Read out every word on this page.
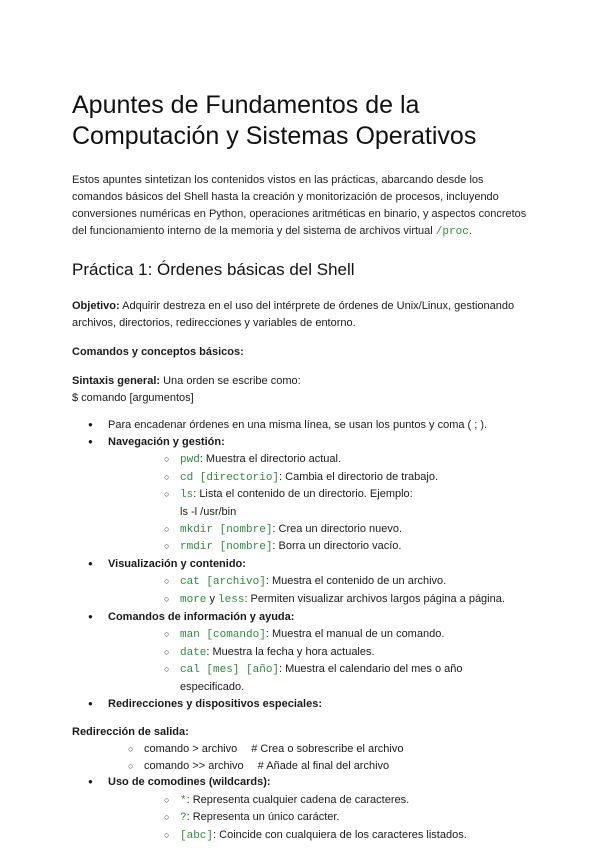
Apuntes de Fundamentos de la Computación y Sistemas Operativos

Estos apuntes sintetizan los contenidos vistos en las prácticas, abarcando desde los comandos básicos del Shell hasta la creación y monitorización de procesos, incluyendo conversiones numéricas en Python, operaciones aritméticas en binario, y aspectos concretos del funcionamiento interno de la memoria y del sistema de archivos virtual /proc.

Práctica 1: Órdenes básicas del Shell

Objetivo: Adquirir destreza en el uso del intérprete de órdenes de Unix/Linux, gestionando archivos, directorios, redirecciones y variables de entorno.

Comandos y conceptos básicos:

Sintaxis general: Una orden se escribe como:
$ comando [argumentos]

● Para encadenar órdenes en una misma línea, se usan los puntos y coma ( ; ).
● Navegación y gestión:
○ pwd: Muestra el directorio actual.
○ cd [directorio]: Cambia el directorio de trabajo.
○ ls: Lista el contenido de un directorio. Ejemplo:
ls -l /usr/bin
○ mkdir [nombre]: Crea un directorio nuevo.
○ rmdir [nombre]: Borra un directorio vacío.
● Visualización y contenido:
○ cat [archivo]: Muestra el contenido de un archivo.
○ more y less: Permiten visualizar archivos largos página a página.
● Comandos de información y ayuda:
○ man [comando]: Muestra el manual de un comando.
○ date: Muestra la fecha y hora actuales.
○ cal [mes] [año]: Muestra el calendario del mes o año especificado.
● Redirecciones y dispositivos especiales:

Redirección de salida:

○ comando > archivo # Crea o sobrescribe el archivo
○ comando >> archivo # Añade al final del archivo
● Uso de comodines (wildcards):
○ *: Representa cualquier cadena de caracteres.
○ ?: Representa un único carácter.
○ [abc]: Coincide con cualquiera de los caracteres listados.
